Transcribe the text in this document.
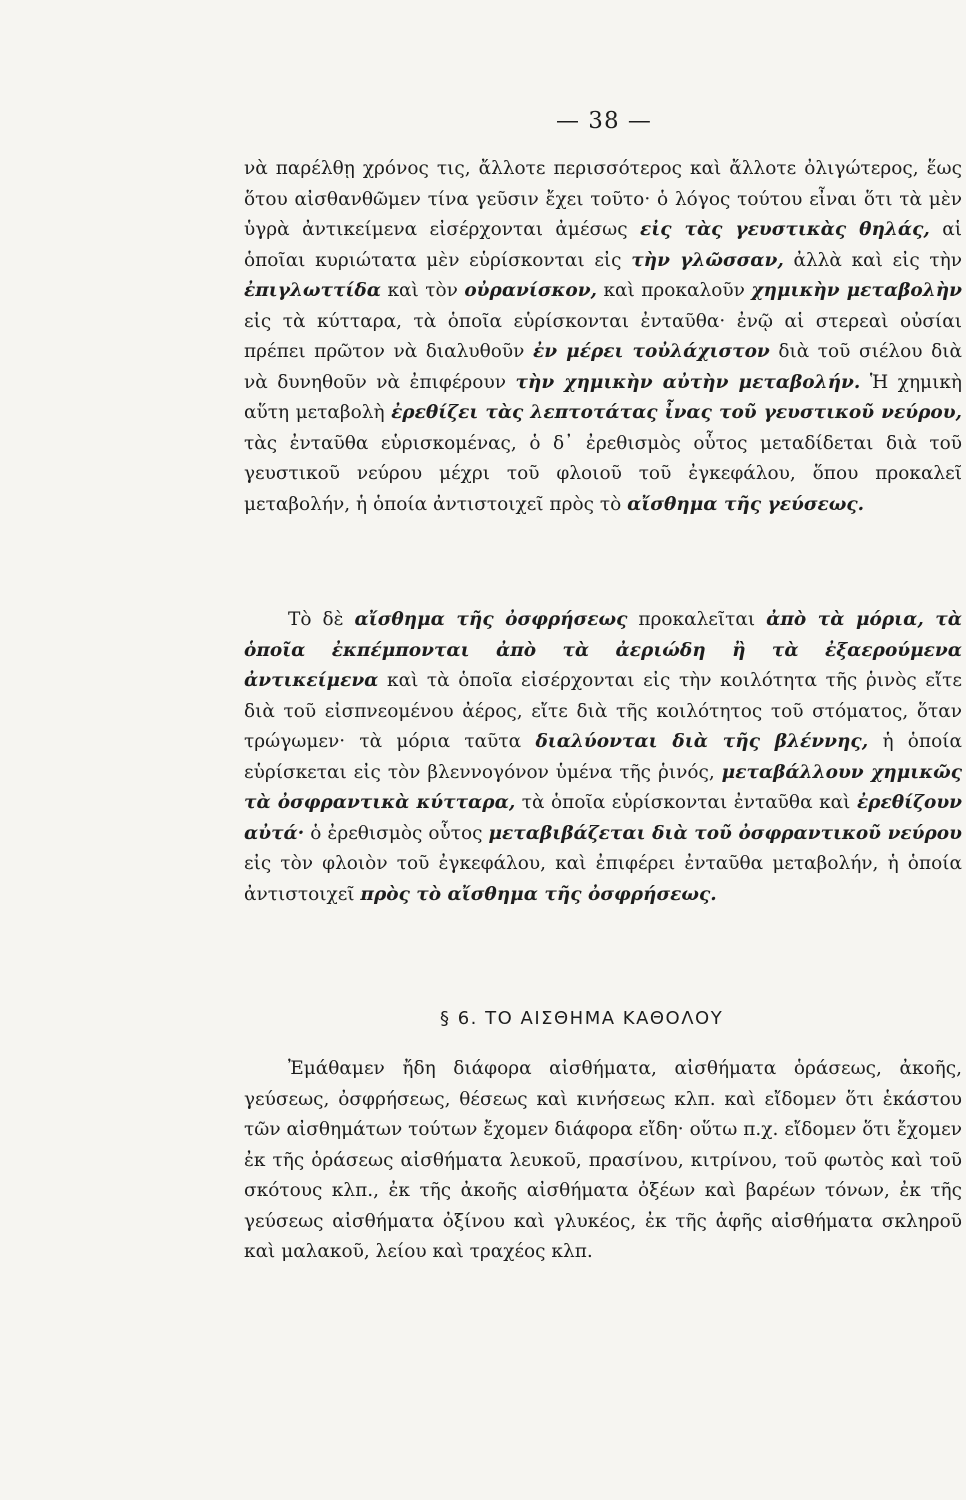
— 38 —

νὰ παρέλθῃ χρόνος τις, ἄλλοτε περισσότερος καὶ ἄλλοτε ὀλιγώτερος, ἕως ὅτου αἰσθανθῶμεν τίνα γεῦσιν ἔχει τοῦτο· ὁ λόγος τούτου εἶναι ὅτι τὰ μὲν ὑγρὰ ἀντικείμενα εἰσέρχονται ἀμέσως εἰς τὰς γευστικὰς θηλάς, αἱ ὁποῖαι κυριώτατα μὲν εὑρίσκονται εἰς τὴν γλῶσσαν, ἀλλὰ καὶ εἰς τὴν ἐπιγλωττίδα καὶ τὸν οὐρανίσκον, καὶ προκαλοῦν χημικὴν μεταβολὴν εἰς τὰ κύτταρα, τὰ ὁποῖα εὑρίσκονται ἐνταῦθα· ἐνῷ αἱ στερεαὶ οὐσίαι πρέπει πρῶτον νὰ διαλυθοῦν ἐν μέρει τοὐλάχιστον διὰ τοῦ σιέλου διὰ νὰ δυνηθοῦν νὰ ἐπιφέρουν τὴν χημικὴν αὐτὴν μεταβολήν. Ἡ χημικὴ αὕτη μεταβολὴ ἐρεθίζει τὰς λεπτοτάτας ἶνας τοῦ γευστικοῦ νεύρου, τὰς ἐνταῦθα εὑρισκομένας, ὁ δ᾽ ἐρεθισμὸς οὗτος μεταδίδεται διὰ τοῦ γευστικοῦ νεύρου μέχρι τοῦ φλοιοῦ τοῦ ἐγκεφάλου, ὅπου προκαλεῖ μεταβολήν, ἡ ὁποία ἀντιστοιχεῖ πρὸς τὸ αἴσθημα τῆς γεύσεως.

Τὸ δὲ αἴσθημα τῆς ὀσφρήσεως προκαλεῖται ἀπὸ τὰ μόρια, τὰ ὁποῖα ἐκπέμπονται ἀπὸ τὰ ἀεριώδη ἢ τὰ ἐξαερούμενα ἀντικείμενα καὶ τὰ ὁποῖα εἰσέρχονται εἰς τὴν κοιλότητα τῆς ῥινὸς εἴτε διὰ τοῦ εἰσπνεομένου ἀέρος, εἴτε διὰ τῆς κοιλότητος τοῦ στόματος, ὅταν τρώγωμεν· τὰ μόρια ταῦτα διαλύονται διὰ τῆς βλέννης, ἡ ὁποία εὑρίσκεται εἰς τὸν βλεννογόνον ὑμένα τῆς ῥινός, μεταβάλλουν χημικῶς τὰ ὀσφραντικὰ κύτταρα, τὰ ὁποῖα εὑρίσκονται ἐνταῦθα καὶ ἐρεθίζουν αὐτά· ὁ ἐρεθισμὸς οὗτος μεταβιβάζεται διὰ τοῦ ὀσφραντικοῦ νεύρου εἰς τὸν φλοιὸν τοῦ ἐγκεφάλου, καὶ ἐπιφέρει ἐνταῦθα μεταβολήν, ἡ ὁποία ἀντιστοιχεῖ πρὸς τὸ αἴσθημα τῆς ὀσφρήσεως.

§ 6. ΤΟ ΑΙΣΘΗΜΑ ΚΑΘΟΛΟΥ

Ἐμάθαμεν ἤδη διάφορα αἰσθήματα, αἰσθήματα ὁράσεως, ἀκοῆς, γεύσεως, ὀσφρήσεως, θέσεως καὶ κινήσεως κλπ. καὶ εἴδομεν ὅτι ἑκάστου τῶν αἰσθημάτων τούτων ἔχομεν διάφορα εἴδη· οὕτω π.χ. εἴδομεν ὅτι ἔχομεν ἐκ τῆς ὁράσεως αἰσθήματα λευκοῦ, πρασίνου, κιτρίνου, τοῦ φωτὸς καὶ τοῦ σκότους κλπ., ἐκ τῆς ἀκοῆς αἰσθήματα ὀξέων καὶ βαρέων τόνων, ἐκ τῆς γεύσεως αἰσθήματα ὀξίνου καὶ γλυκέος, ἐκ τῆς ἁφῆς αἰσθήματα σκληροῦ καὶ μαλακοῦ, λείου καὶ τραχέος κλπ.
